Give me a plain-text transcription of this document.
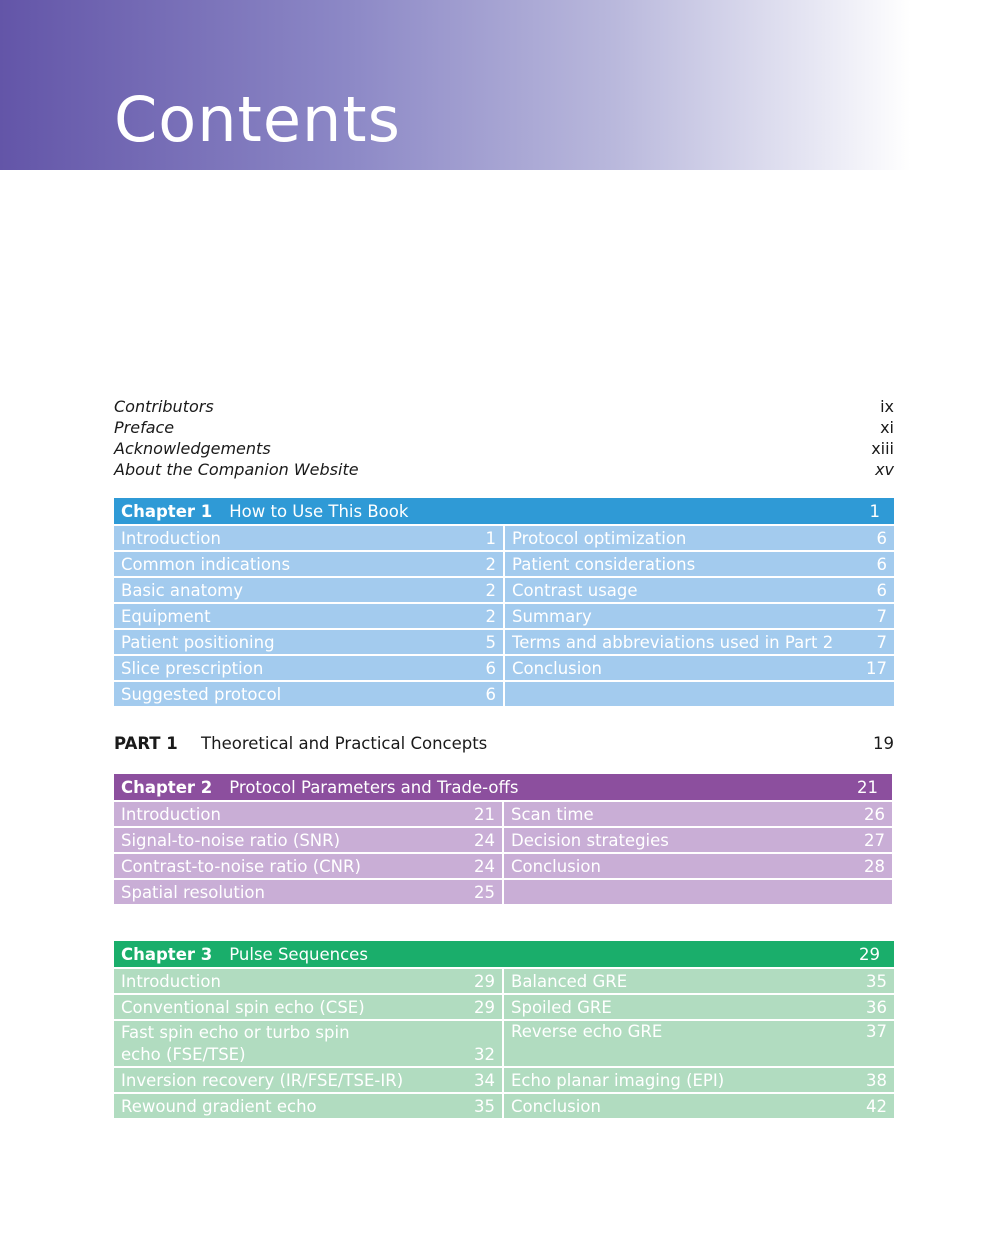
Contents
Contributors	ix
Preface	xi
Acknowledgements	xiii
About the Companion Website	xv
Chapter 1 How to Use This Book	1
Introduction	1
Common indications	2
Basic anatomy	2
Equipment	2
Patient positioning	5
Slice prescription	6
Suggested protocol	6
Protocol optimization	6
Patient considerations	6
Contrast usage	6
Summary	7
Terms and abbreviations used in Part 2	7
Conclusion	17
PART 1 Theoretical and Practical Concepts	19
Chapter 2 Protocol Parameters and Trade-offs	21
Introduction	21
Signal-to-noise ratio (SNR)	24
Contrast-to-noise ratio (CNR)	24
Spatial resolution	25
Scan time	26
Decision strategies	27
Conclusion	28
Chapter 3 Pulse Sequences	29
Introduction	29
Conventional spin echo (CSE)	29
Fast spin echo or turbo spin echo (FSE/TSE)	32
Inversion recovery (IR/FSE/TSE-IR)	34
Rewound gradient echo	35
Balanced GRE	35
Spoiled GRE	36
Reverse echo GRE	37
Echo planar imaging (EPI)	38
Conclusion	42
